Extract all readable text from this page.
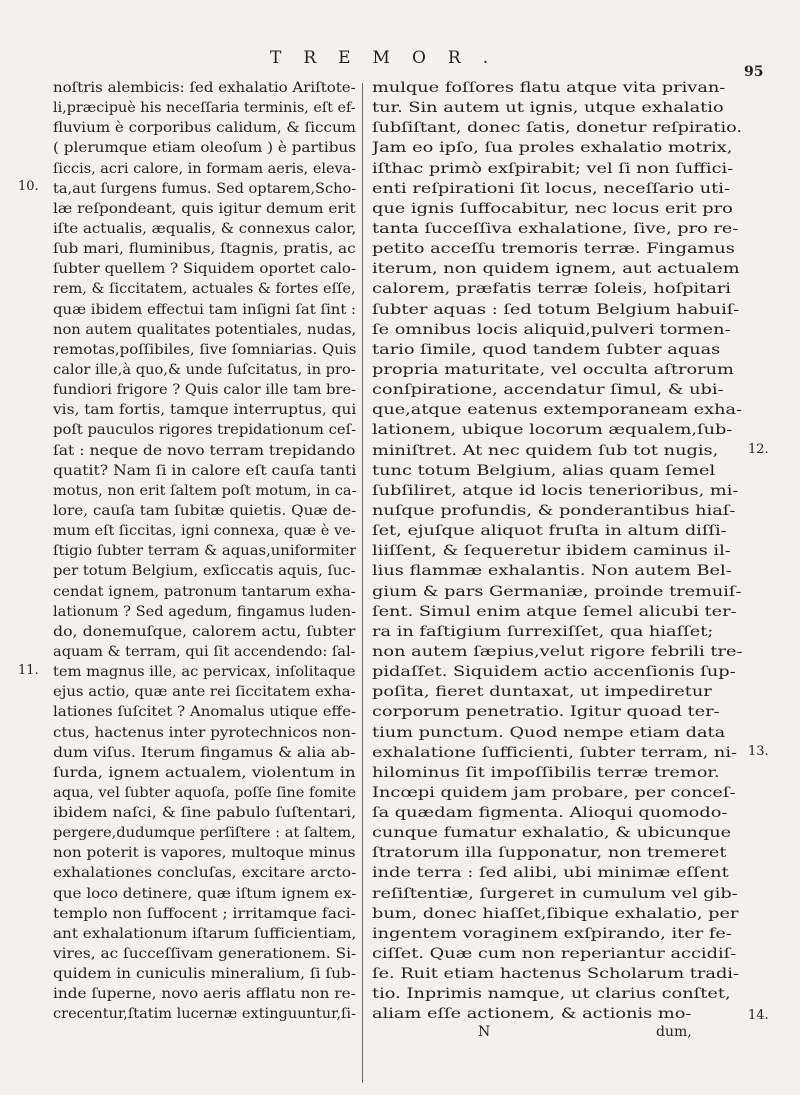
TREMOR.
95
noſtris alembicis: ſed exhalatio Ariſtote-
li,præcipuè his neceſſaria terminis, eſt ef-
fluvium è corporibus calidum, & ſiccum
( plerumque etiam oleoſum ) è partibus
ſiccis, acri calore, in formam aeris, eleva-
ta,aut ſurgens fumus. Sed optarem,Scho-
læ reſpondeant, quis igitur demum erit
iſte actualis, æqualis, & connexus calor,
ſub mari, fluminibus, ſtagnis, pratis, ac
ſubter quellem ? Siquidem oportet calo-
rem, & ſiccitatem, actuales & fortes eſſe,
quæ ibidem effectui tam inſigni ſat ſint :
non autem qualitates potentiales, nudas,
remotas,poſſibiles, ſive ſomniarias. Quis
calor ille,à quo,& unde ſuſcitatus, in pro-
fundiori frigore ? Quis calor ille tam bre-
vis, tam fortis, tamque interruptus, qui
poſt pauculos rigores trepidationum ceſ-
ſat : neque de novo terram trepidando
quatit? Nam ſi in calore eſt cauſa tanti
motus, non erit ſaltem poſt motum, in ca-
lore, cauſa tam ſubitæ quietis. Quæ de-
mum eſt ſiccitas, igni connexa, quæ è ve-
ſtigio ſubter terram & aquas,uniformiter
per totum Belgium, exſiccatis aquis, ſuc-
cendat ignem, patronum tantarum exha-
lationum ? Sed agedum, fingamus luden-
do, donemuſque, calorem actu, ſubter
aquam & terram, qui ſit accendendo: ſal-
tem magnus ille, ac pervicax, inſolitaque
ejus actio, quæ ante rei ſiccitatem exha-
lationes ſuſcitet ? Anomalus utique effe-
ctus, hactenus inter pyrotechnicos non-
dum viſus. Iterum fingamus & alia ab-
ſurda, ignem actualem, violentum in
aqua, vel ſubter aquoſa, poſſe ſine fomite
ibidem naſci, & ſine pabulo ſuſtentari,
pergere,dudumque perſiſtere : at ſaltem,
non poterit is vapores, multoque minus
exhalationes concluſas, excitare arcto-
que loco detinere, quæ iſtum ignem ex-
templo non ſuffocent ; irritamque faci-
ant exhalationum iſtarum ſufficientiam,
vires, ac ſucceſſivam generationem. Si-
quidem in cuniculis mineralium, ſi ſub-
inde ſuperne, novo aeris afflatu non re-
crecentur,ſtatim lucernæ extinguuntur,ſi-
mulque foſſores flatu atque vita privan-
tur. Sin autem ut ignis, utque exhalatio
ſubſiſtant, donec ſatis, donetur reſpiratio.
Jam eo ipſo, ſua proles exhalatio motrix,
iſthac primò exſpirabit; vel ſi non ſuffici-
enti reſpirationi ſit locus, neceſſario uti-
que ignis ſuffocabitur, nec locus erit pro
tanta ſucceſſiva exhalatione, ſive, pro re-
petito acceſſu tremoris terræ. Fingamus
iterum, non quidem ignem, aut actualem
calorem, præfatis terræ ſoleis, hoſpitari
ſubter aquas : ſed totum Belgium habuiſ-
ſe omnibus locis aliquid,pulveri tormen-
tario ſimile, quod tandem ſubter aquas
propria maturitate, vel occulta aſtrorum
conſpiratione, accendatur ſimul, & ubi-
que,atque eatenus extemporaneam exha-
lationem, ubique locorum æqualem,ſub-
miniſtret. At nec quidem ſub tot nugis,
tunc totum Belgium, alias quam ſemel
ſubſiliret, atque id locis tenerioribus, mi-
nuſque profundis, & ponderantibus hiaſ-
ſet, ejuſque aliquot fruſta in altum diſſi-
liiſſent, & ſequeretur ibidem caminus il-
lius flammæ exhalantis. Non autem Bel-
gium & pars Germaniæ, proinde tremuiſ-
ſent. Simul enim atque ſemel alicubi ter-
ra in faſtigium ſurrexiſſet, qua hiaſſet;
non autem ſæpius,velut rigore febrili tre-
pidaſſet. Siquidem actio accenſionis ſup-
poſita, fieret duntaxat, ut impediretur
corporum penetratio. Igitur quoad ter-
tium punctum. Quod nempe etiam data
exhalatione ſufficienti, ſubter terram, ni-
hilominus ſit impoſſibilis terræ tremor.
Incœpi quidem jam probare, per conceſ-
ſa quædam figmenta. Alioqui quomodo-
cunque fumatur exhalatio, & ubicunque
ſtratorum illa ſupponatur, non tremeret
inde terra : ſed alibi, ubi minimæ eſſent
reſiſtentiæ, ſurgeret in cumulum vel gib-
bum, donec hiaſſet,ſibique exhalatio, per
ingentem voraginem exſpirando, iter fe-
ciſſet. Quæ cum non reperiantur accidiſ-
ſe. Ruit etiam hactenus Scholarum tradi-
tio. Inprimis namque, ut clarius conſtet,
aliam eſſe actionem, & actionis mo-
10.
11.
12.
13.
14.
N	dum,
